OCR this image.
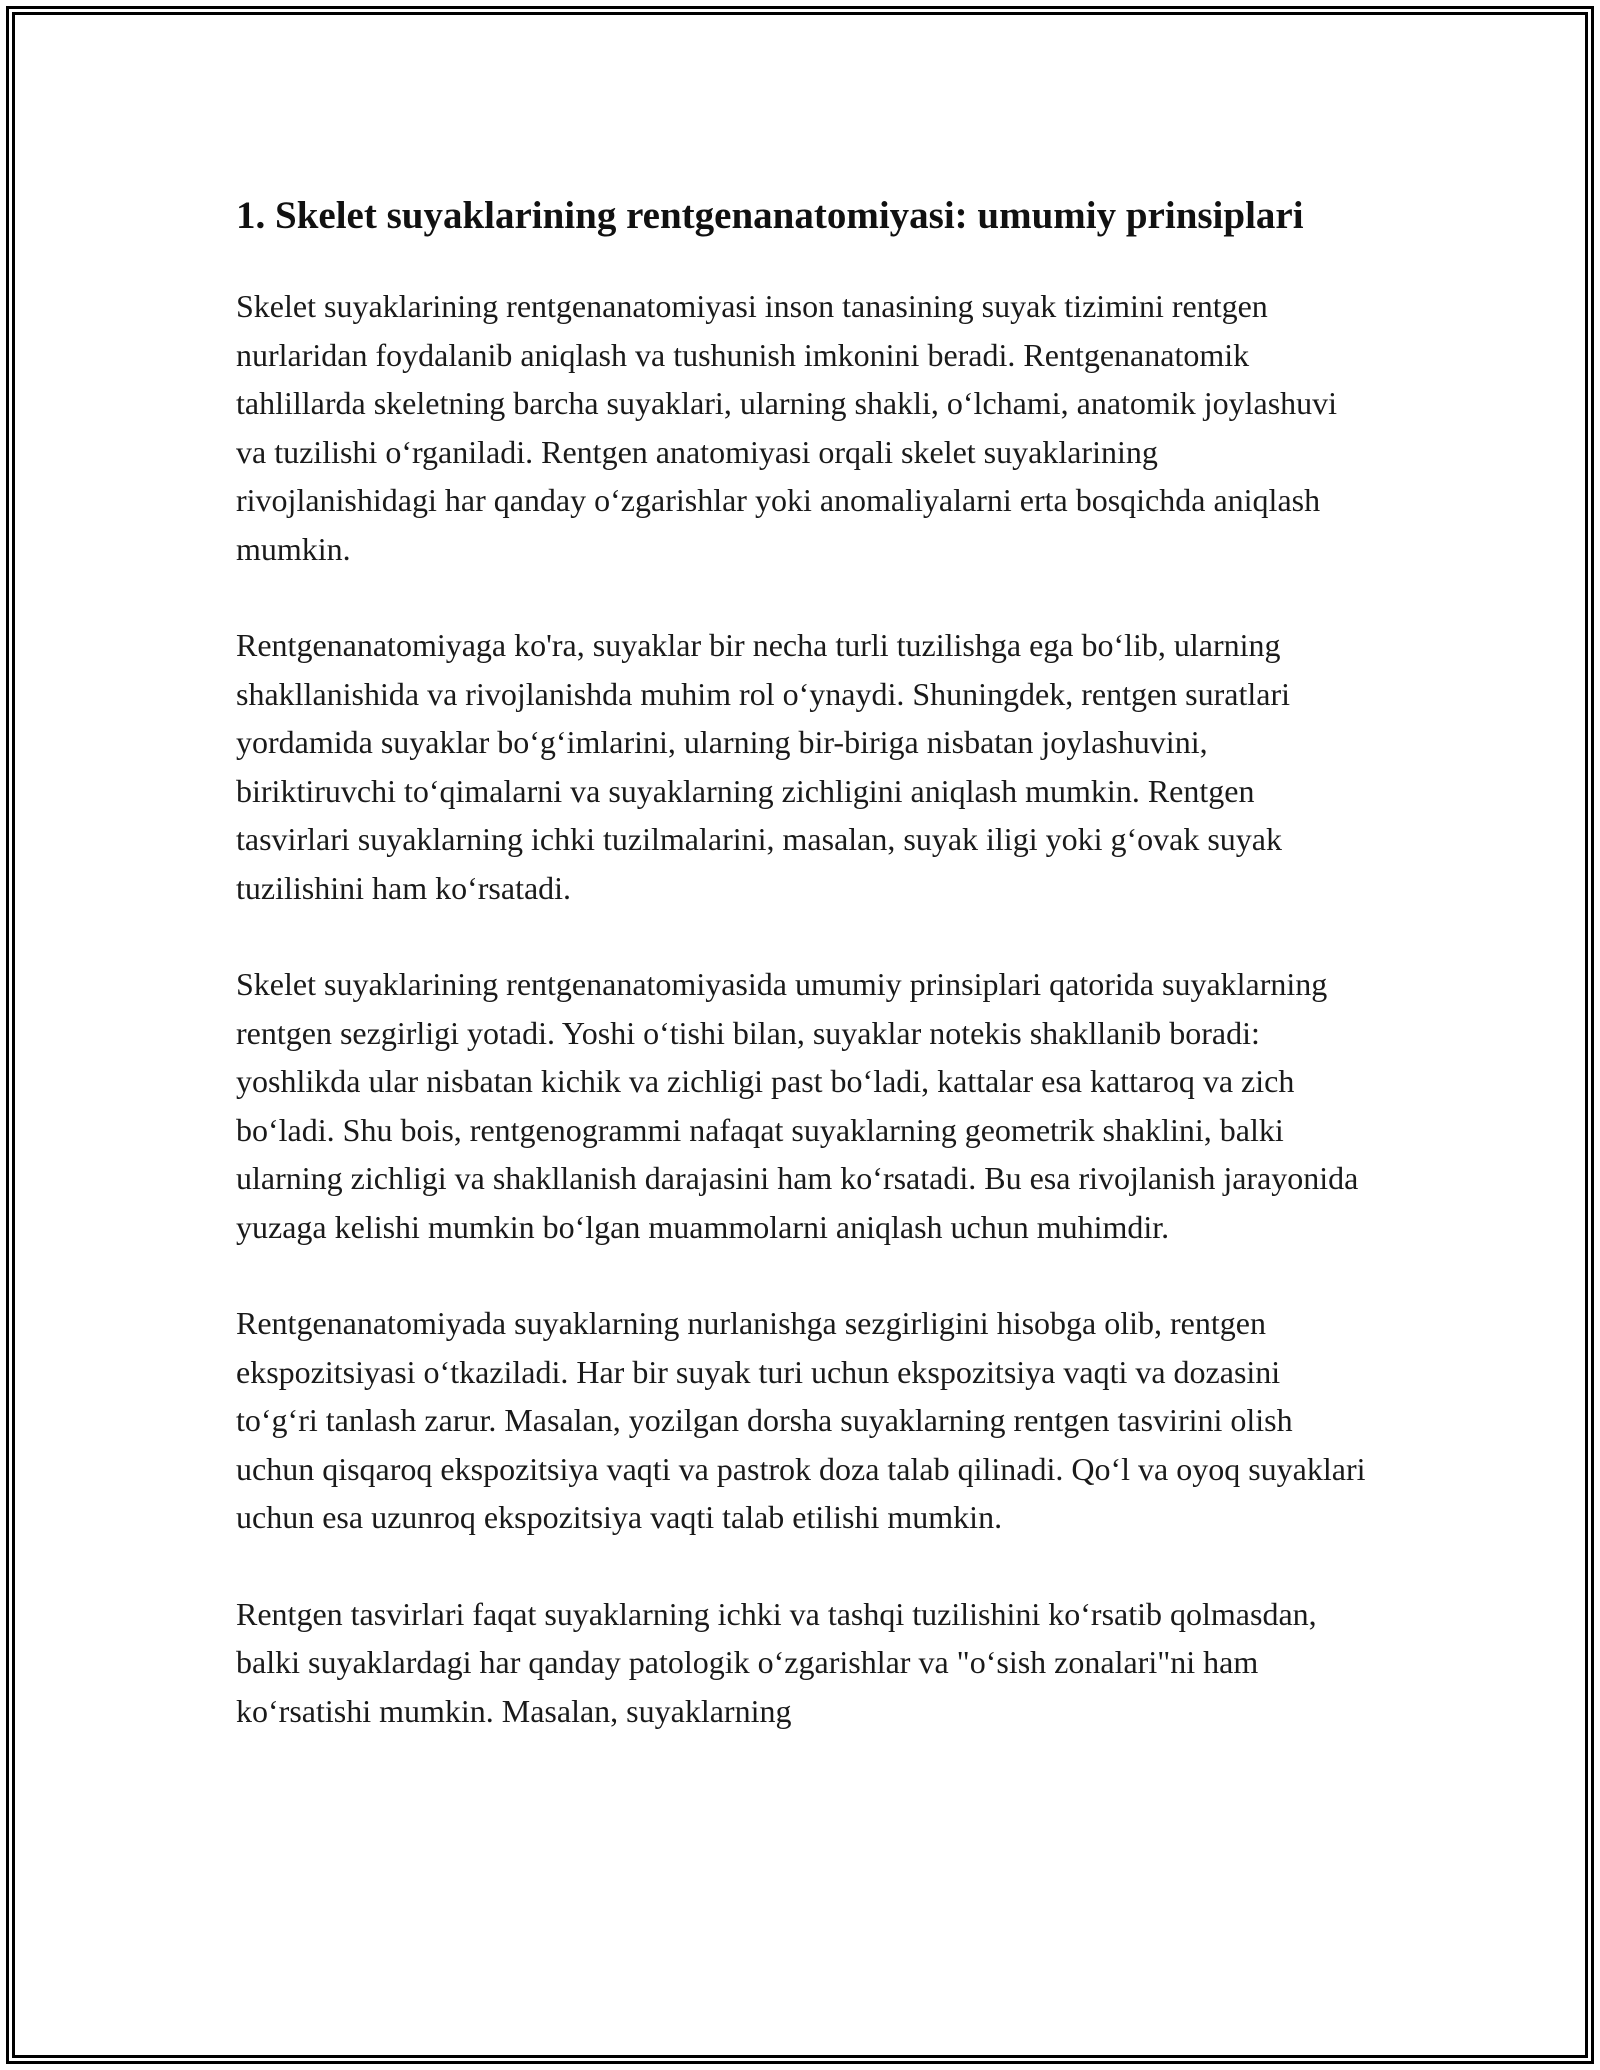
1. Skelet suyaklarining rentgenanatomiyasi: umumiy prinsiplari

Skelet suyaklarining rentgenanatomiyasi inson tanasining suyak tizimini rentgen nurlaridan foydalanib aniqlash va tushunish imkonini beradi. Rentgenanatomik tahlillarda skeletning barcha suyaklari, ularning shakli, oʻlchami, anatomik joylashuvi va tuzilishi oʻrganiladi. Rentgen anatomiyasi orqali skelet suyaklarining rivojlanishidagi har qanday oʻzgarishlar yoki anomaliyalarni erta bosqichda aniqlash mumkin.

Rentgenanatomiyaga ko'ra, suyaklar bir necha turli tuzilishga ega boʻlib, ularning shakllanishida va rivojlanishda muhim rol oʻynaydi. Shuningdek, rentgen suratlari yordamida suyaklar boʻgʻimlarini, ularning bir-biriga nisbatan joylashuvini, biriktiruvchi toʻqimalarni va suyaklarning zichligini aniqlash mumkin. Rentgen tasvirlari suyaklarning ichki tuzilmalarini, masalan, suyak iligi yoki gʻovak suyak tuzilishini ham koʻrsatadi.

Skelet suyaklarining rentgenanatomiyasida umumiy prinsiplari qatorida suyaklarning rentgen sezgirligi yotadi. Yoshi oʻtishi bilan, suyaklar notekis shakllanib boradi: yoshlikda ular nisbatan kichik va zichligi past boʻladi, kattalar esa kattaroq va zich boʻladi. Shu bois, rentgenogrammi nafaqat suyaklarning geometrik shaklini, balki ularning zichligi va shakllanish darajasini ham koʻrsatadi. Bu esa rivojlanish jarayonida yuzaga kelishi mumkin boʻlgan muammolarni aniqlash uchun muhimdir.

Rentgenanatomiyada suyaklarning nurlanishga sezgirligini hisobga olib, rentgen ekspozitsiyasi oʻtkaziladi. Har bir suyak turi uchun ekspozitsiya vaqti va dozasini toʻgʻri tanlash zarur. Masalan, yozilgan dorsha suyaklarning rentgen tasvirini olish uchun qisqaroq ekspozitsiya vaqti va pastrok doza talab qilinadi. Qoʻl va oyoq suyaklari uchun esa uzunroq ekspozitsiya vaqti talab etilishi mumkin.

Rentgen tasvirlari faqat suyaklarning ichki va tashqi tuzilishini koʻrsatib qolmasdan, balki suyaklardagi har qanday patologik oʻzgarishlar va "oʻsish zonalari"ni ham koʻrsatishi mumkin. Masalan, suyaklarning
